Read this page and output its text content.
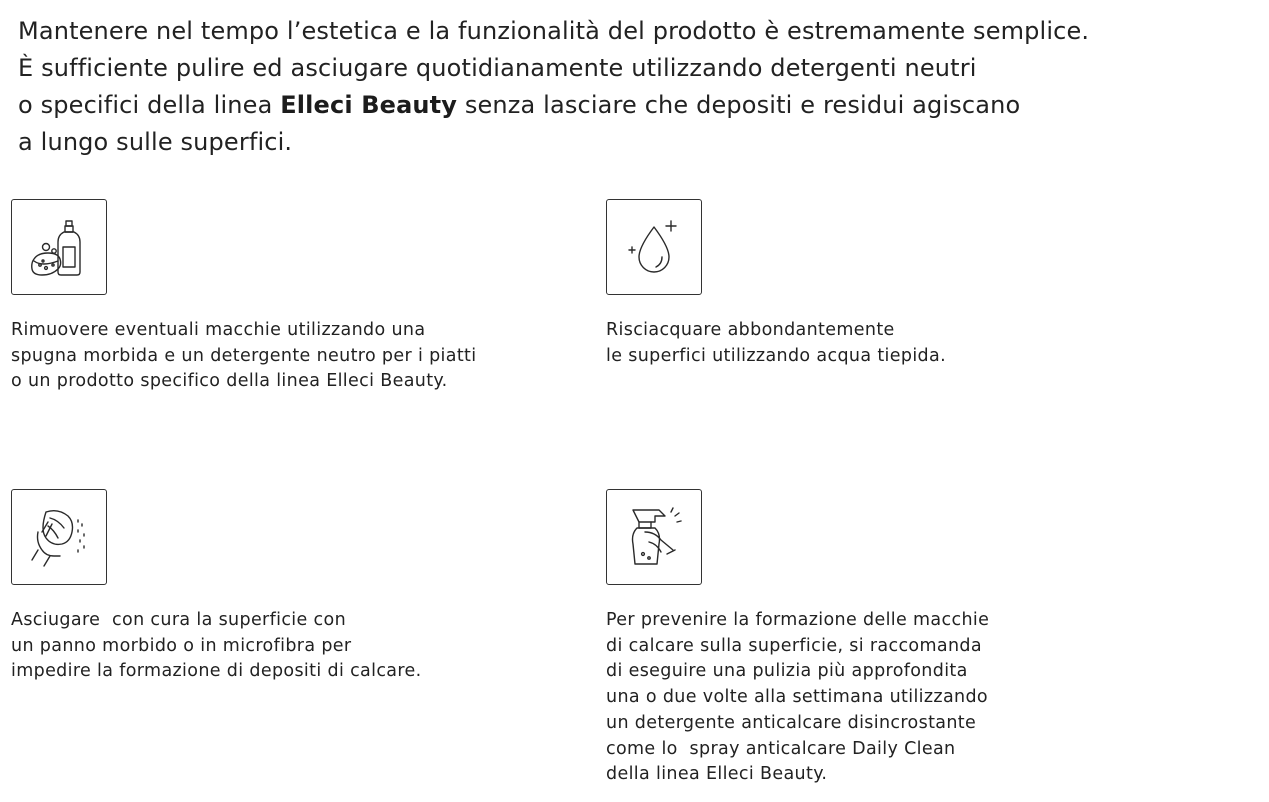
Mantenere nel tempo l’estetica e la funzionalità del prodotto è estremamente semplice.
È sufficiente pulire ed asciugare quotidianamente utilizzando detergenti neutri
o specifici della linea Elleci Beauty senza lasciare che depositi e residui agiscano
a lungo sulle superfici.

Rimuovere eventuali macchie utilizzando una
spugna morbida e un detergente neutro per i piatti
o un prodotto specifico della linea Elleci Beauty.

Risciacquare abbondantemente
le superfici utilizzando acqua tiepida.

Asciugare  con cura la superficie con
un panno morbido o in microfibra per
impedire la formazione di depositi di calcare.

Per prevenire la formazione delle macchie
di calcare sulla superficie, si raccomanda
di eseguire una pulizia più approfondita
una o due volte alla settimana utilizzando
un detergente anticalcare disincrostante
come lo  spray anticalcare Daily Clean
della linea Elleci Beauty.
